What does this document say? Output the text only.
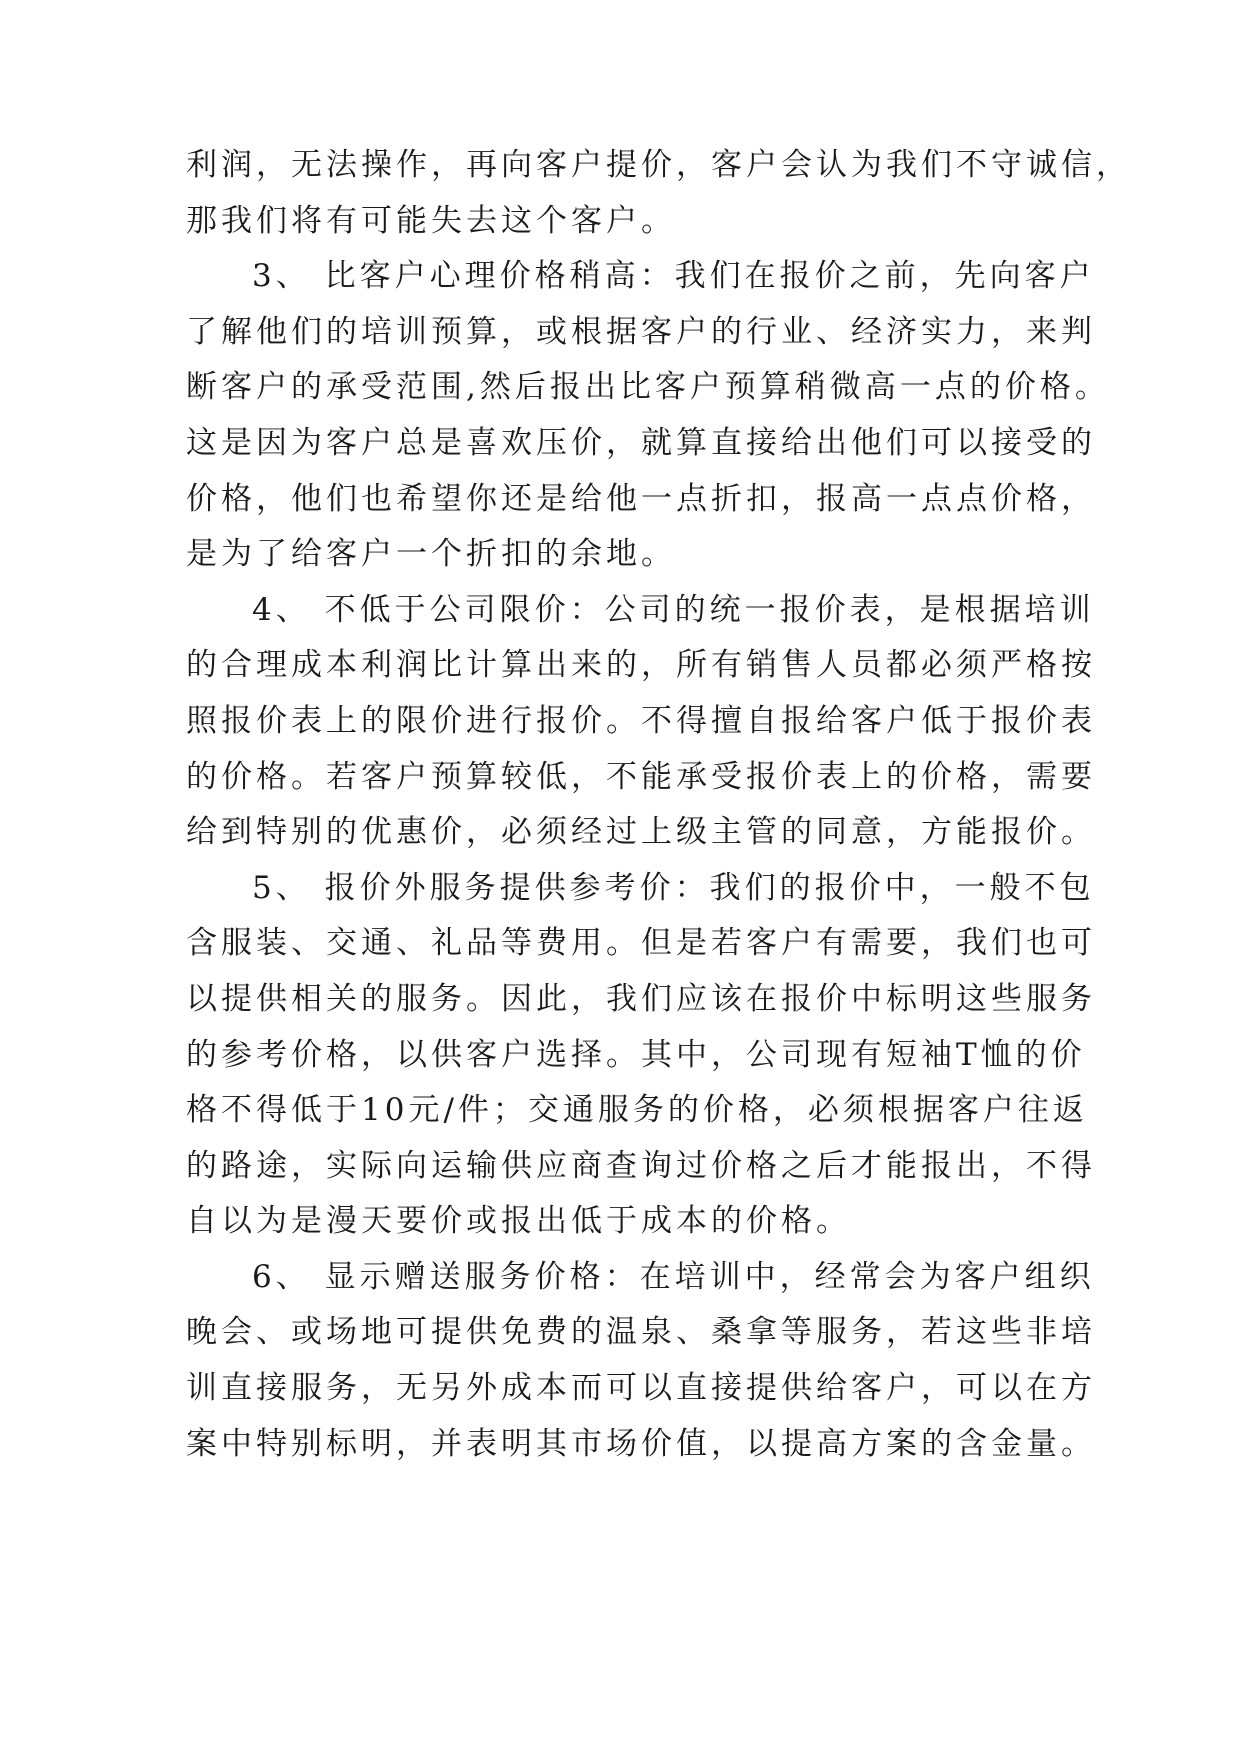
利润，无法操作，再向客户提价，客户会认为我们不守诚信，
那我们将有可能失去这个客户。
3、 比客户心理价格稍高：我们在报价之前，先向客户
了解他们的培训预算，或根据客户的行业、经济实力，来判
断客户的承受范围,然后报出比客户预算稍微高一点的价格。
这是因为客户总是喜欢压价，就算直接给出他们可以接受的
价格，他们也希望你还是给他一点折扣，报高一点点价格，
是为了给客户一个折扣的余地。
4、 不低于公司限价：公司的统一报价表，是根据培训
的合理成本利润比计算出来的，所有销售人员都必须严格按
照报价表上的限价进行报价。不得擅自报给客户低于报价表
的价格。若客户预算较低，不能承受报价表上的价格，需要
给到特别的优惠价，必须经过上级主管的同意，方能报价。
5、 报价外服务提供参考价：我们的报价中，一般不包
含服装、交通、礼品等费用。但是若客户有需要，我们也可
以提供相关的服务。因此，我们应该在报价中标明这些服务
的参考价格，以供客户选择。其中，公司现有短袖T恤的价
格不得低于10元/件；交通服务的价格，必须根据客户往返
的路途，实际向运输供应商查询过价格之后才能报出，不得
自以为是漫天要价或报出低于成本的价格。
6、 显示赠送服务价格：在培训中，经常会为客户组织
晚会、或场地可提供免费的温泉、桑拿等服务，若这些非培
训直接服务，无另外成本而可以直接提供给客户，可以在方
案中特别标明，并表明其市场价值，以提高方案的含金量。
